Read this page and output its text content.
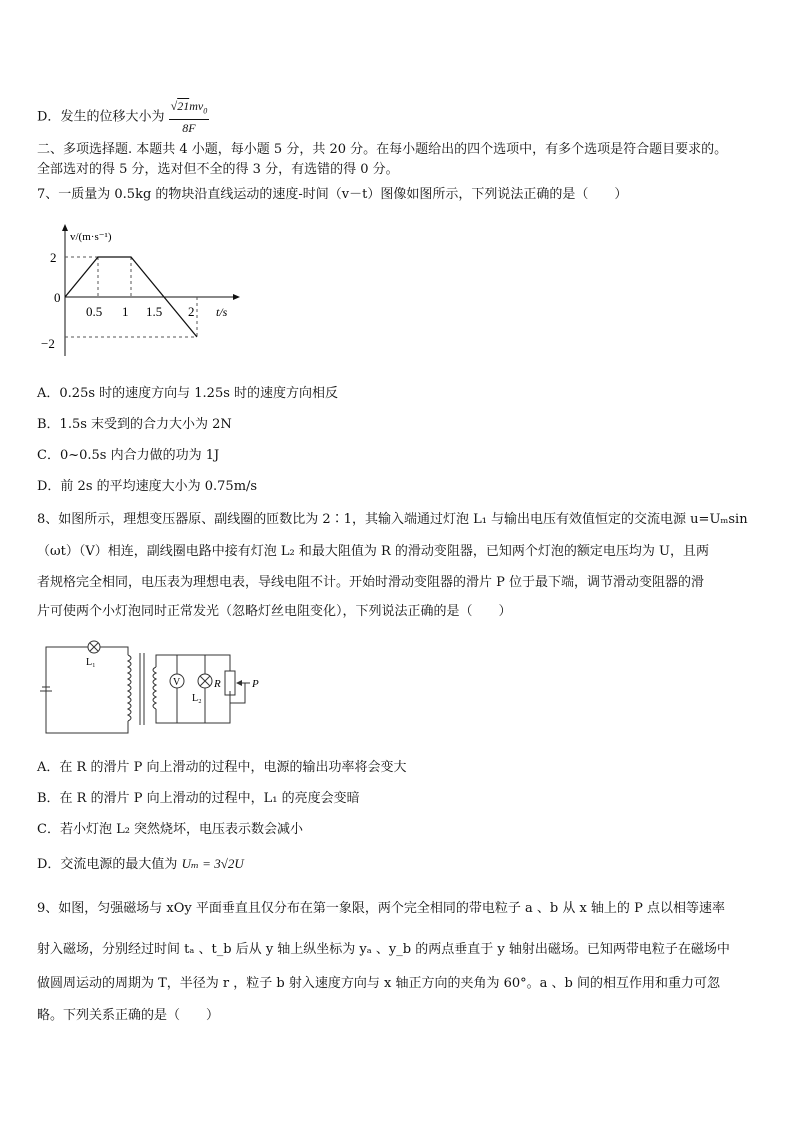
D．发生的位移大小为 $\frac{√21mv_0}{8F}$
二、多项选择题. 本题共 4 小题，每小题 5 分，共 20 分。在每小题给出的四个选项中，有多个选项是符合题目要求的。
全部选对的得 5 分，选对但不全的得 3 分，有选错的得 0 分。
7、一质量为 0.5kg 的物块沿直线运动的速度-时间（v－t）图像如图所示，下列说法正确的是（　　）
v/(m·s⁻¹)
t/s
0
2
−2
0.5 1 1.5 2
A．0.25s 时的速度方向与 1.25s 时的速度方向相反
B．1.5s 末受到的合力大小为 2N
C．0~0.5s 内合力做的功为 1J
D．前 2s 的平均速度大小为 0.75m/s
8、如图所示，理想变压器原、副线圈的匝数比为 2∶1，其输入端通过灯泡 L₁ 与输出电压有效值恒定的交流电源 u=Uₘsin
（ωt）（V）相连，副线圈电路中接有灯泡 L₂ 和最大阻值为 R 的滑动变阻器，已知两个灯泡的额定电压均为 U，且两
者规格完全相同，电压表为理想电表，导线电阻不计。开始时滑动变阻器的滑片 P 位于最下端，调节滑动变阻器的滑
片可使两个小灯泡同时正常发光（忽略灯丝电阻变化），下列说法正确的是（　　）
L₁
V
L₂
R	P
A．在 R 的滑片 P 向上滑动的过程中，电源的输出功率将会变大
B．在 R 的滑片 P 向上滑动的过程中，L₁ 的亮度会变暗
C．若小灯泡 L₂ 突然烧坏，电压表示数会减小
D．交流电源的最大值为 Uₘ = 3√2U
9、如图，匀强磁场与 xOy 平面垂直且仅分布在第一象限，两个完全相同的带电粒子 a 、b 从 x 轴上的 P 点以相等速率
射入磁场，分别经过时间 tₐ 、t_b 后从 y 轴上纵坐标为 yₐ 、y_b 的两点垂直于 y 轴射出磁场。已知两带电粒子在磁场中
做圆周运动的周期为 T，半径为 r ，粒子 b 射入速度方向与 x 轴正方向的夹角为 60°。a 、b 间的相互作用和重力可忽
略。下列关系正确的是（　　）
